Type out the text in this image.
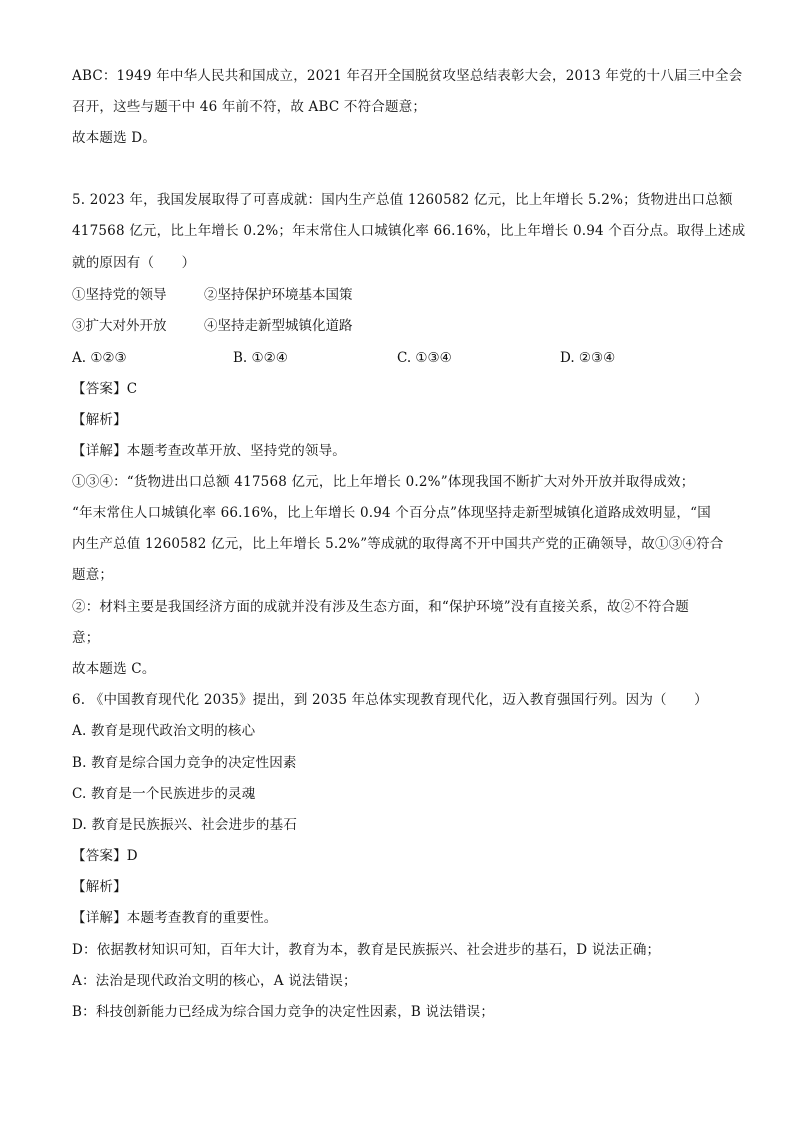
ABC：1949 年中华人民共和国成立，2021 年召开全国脱贫攻坚总结表彰大会，2013 年党的十八届三中全会
召开，这些与题干中 46 年前不符，故 ABC 不符合题意；
故本题选 D。
5. 2023 年，我国发展取得了可喜成就：国内生产总值 1260582 亿元，比上年增长 5.2%；货物进出口总额
417568 亿元，比上年增长 0.2%；年末常住人口城镇化率 66.16%，比上年增长 0.94 个百分点。取得上述成
就的原因有（　　）
①坚持党的领导	②坚持保护环境基本国策
③扩大对外开放	④坚持走新型城镇化道路
A. ①②③	B. ①②④	C. ①③④	D. ②③④
【答案】C
【解析】
【详解】本题考查改革开放、坚持党的领导。
①③④：“货物进出口总额 417568 亿元，比上年增长 0.2%”体现我国不断扩大对外开放并取得成效；
“年末常住人口城镇化率 66.16%，比上年增长 0.94 个百分点”体现坚持走新型城镇化道路成效明显，“国
内生产总值 1260582 亿元，比上年增长 5.2%”等成就的取得离不开中国共产党的正确领导，故①③④符合
题意；
②：材料主要是我国经济方面的成就并没有涉及生态方面，和“保护环境”没有直接关系，故②不符合题
意；
故本题选 C。
6. 《中国教育现代化 2035》提出，到 2035 年总体实现教育现代化，迈入教育强国行列。因为（　　）
A. 教育是现代政治文明的核心
B. 教育是综合国力竞争的决定性因素
C. 教育是一个民族进步的灵魂
D. 教育是民族振兴、社会进步的基石
【答案】D
【解析】
【详解】本题考查教育的重要性。
D：依据教材知识可知，百年大计，教育为本，教育是民族振兴、社会进步的基石，D 说法正确；
A：法治是现代政治文明的核心，A 说法错误；
B：科技创新能力已经成为综合国力竞争的决定性因素，B 说法错误；
